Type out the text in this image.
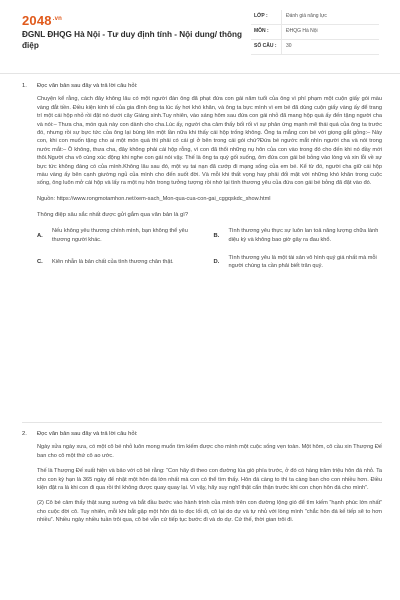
$2048^{.vn}$
ĐGNL ĐHQG Hà Nội - Tư duy định tính - Nội dung/ thông điệp
LỚP :	Đánh giá năng lực
MÔN :	ĐHQG Hà Nội
SỐ CÂU :	30
1.	Đọc văn bản sau đây và trả lời câu hỏi:

Chuyện kể rằng, cách đây không lâu có một người đàn ông đã phạt đứa con gái năm tuổi của ông vì phí phạm một cuộn giấy gói màu vàng đắt tiền. Điều kiện kinh tế của gia đình ông ta lúc ấy hơi khó khăn, và ông ta bực mình vì em bé đã dùng cuộn giấy vàng ấy để trang trí một cái hộp nhỏ rồi đặt nó dưới cây Giáng sinh.Tuy nhiên, vào sáng hôm sau đứa con gái nhỏ đã mang hộp quà ấy đến tặng người cha và nói:– Thưa cha, món quà này con dành cho cha.Lúc ấy, người cha cảm thấy bối rối vì sự phản ứng mạnh mẽ thái quá của ông ta trước đó, nhưng rồi sự bực tức của ông lại bùng lên một lần nữa khi thấy cái hộp trống không. Ông ta mắng con bé với giọng gắt gỏng:– Này con, khi con muốn tặng cho ai một món quà thì phải có cái gì ở bên trong cái gói chứ?Đứa bé ngước mắt nhìn người cha và nói trong nước mắt:– Ồ không, thưa cha, đây không phải cái hộp rỗng, vì con đã thổi những nụ hôn của con vào trong đó cho đến khi nó đầy mới thôi.Người cha vô cùng xúc động khi nghe con gái nói vậy. Thế là ông ta quỳ gối xuống, ôm đứa con gái bé bỏng vào lòng và xin lỗi về sự bực tức không đáng có của mình.Không lâu sau đó, một vụ tai nạn đã cướp đi mạng sống của em bé. Kể từ đó, người cha giữ cái hộp màu vàng ấy bên cạnh giường ngủ của mình cho đến suốt đời. Và mỗi khi thất vọng hay phải đối mặt với những khó khăn trong cuộc sống, ông luôn mở cái hộp và lấy ra một nụ hôn trong tưởng tượng rồi nhớ lại tình thương yêu của đứa con gái bé bỏng đã đặt vào đó.

Nguồn: https://www.rongmotamhon.net/xem-sach_Mon-qua-cua-con-gai_cggqskdc_show.html

Thông điệp sâu sắc nhất được gửi gắm qua văn bản là gì?

A.
Nếu không yêu thương chính mình, bạn không thể yêu thương người khác.
B.
Tình thương yêu thực sự luôn lan toả năng lượng chữa lành diệu kỳ và không bao giờ gây ra đau khổ.
C.	Kiên nhẫn là bản chất của tình thương chân thật.	D.
Tình thương yêu là một tài sản vô hình quý giá nhất mà mỗi người chúng ta cần phải biết trân quý.
2.	Đọc văn bản sau đây và trả lời câu hỏi:

Ngày xửa ngày xưa, có một cô bé nhỏ luôn mong muốn tìm kiếm được cho mình một cuộc sống vẹn toàn. Một hôm, cô cầu xin Thượng Đế ban cho cô một thứ cô ao ước.

Thế là Thượng Đế xuất hiện và bảo với cô bé rằng: “Con hãy đi theo con đường lúa giò phía trước, ở đó có hàng trăm triệu hôn đá nhỏ. Ta cho con kỳ hạn là 365 ngày để nhặt một hôn đá lớn nhất mà con có thể tìm thấy. Hôn đá càng to thì ta càng ban cho con nhiều hơn. Điều kiện đặt ra là khi con đi qua rồi thì không được quay quay lại. Vì vậy, hãy suy nghĩ thật cẩn thận trước khi con chọn hôn đá cho mình”.

(2) Cô bé cảm thấy thật sung sướng và bắt đầu bước vào hành trình của mình trên con đường lộng gió để tìm kiếm “hạnh phúc lớn nhất” cho cuộc đời cô. Tuy nhiên, mỗi khi bắt gặp một hôn đá to đọc lối đi, cô lại do dự và tự nhủ với lòng mình “chắc hôn đá kế tiếp sẽ to hơn nhiều”. Nhiều ngày nhiều tuần trôi qua, cô bé vẫn cứ tiếp tục bước đi và do dự. Cứ thế, thời gian trôi đi.
